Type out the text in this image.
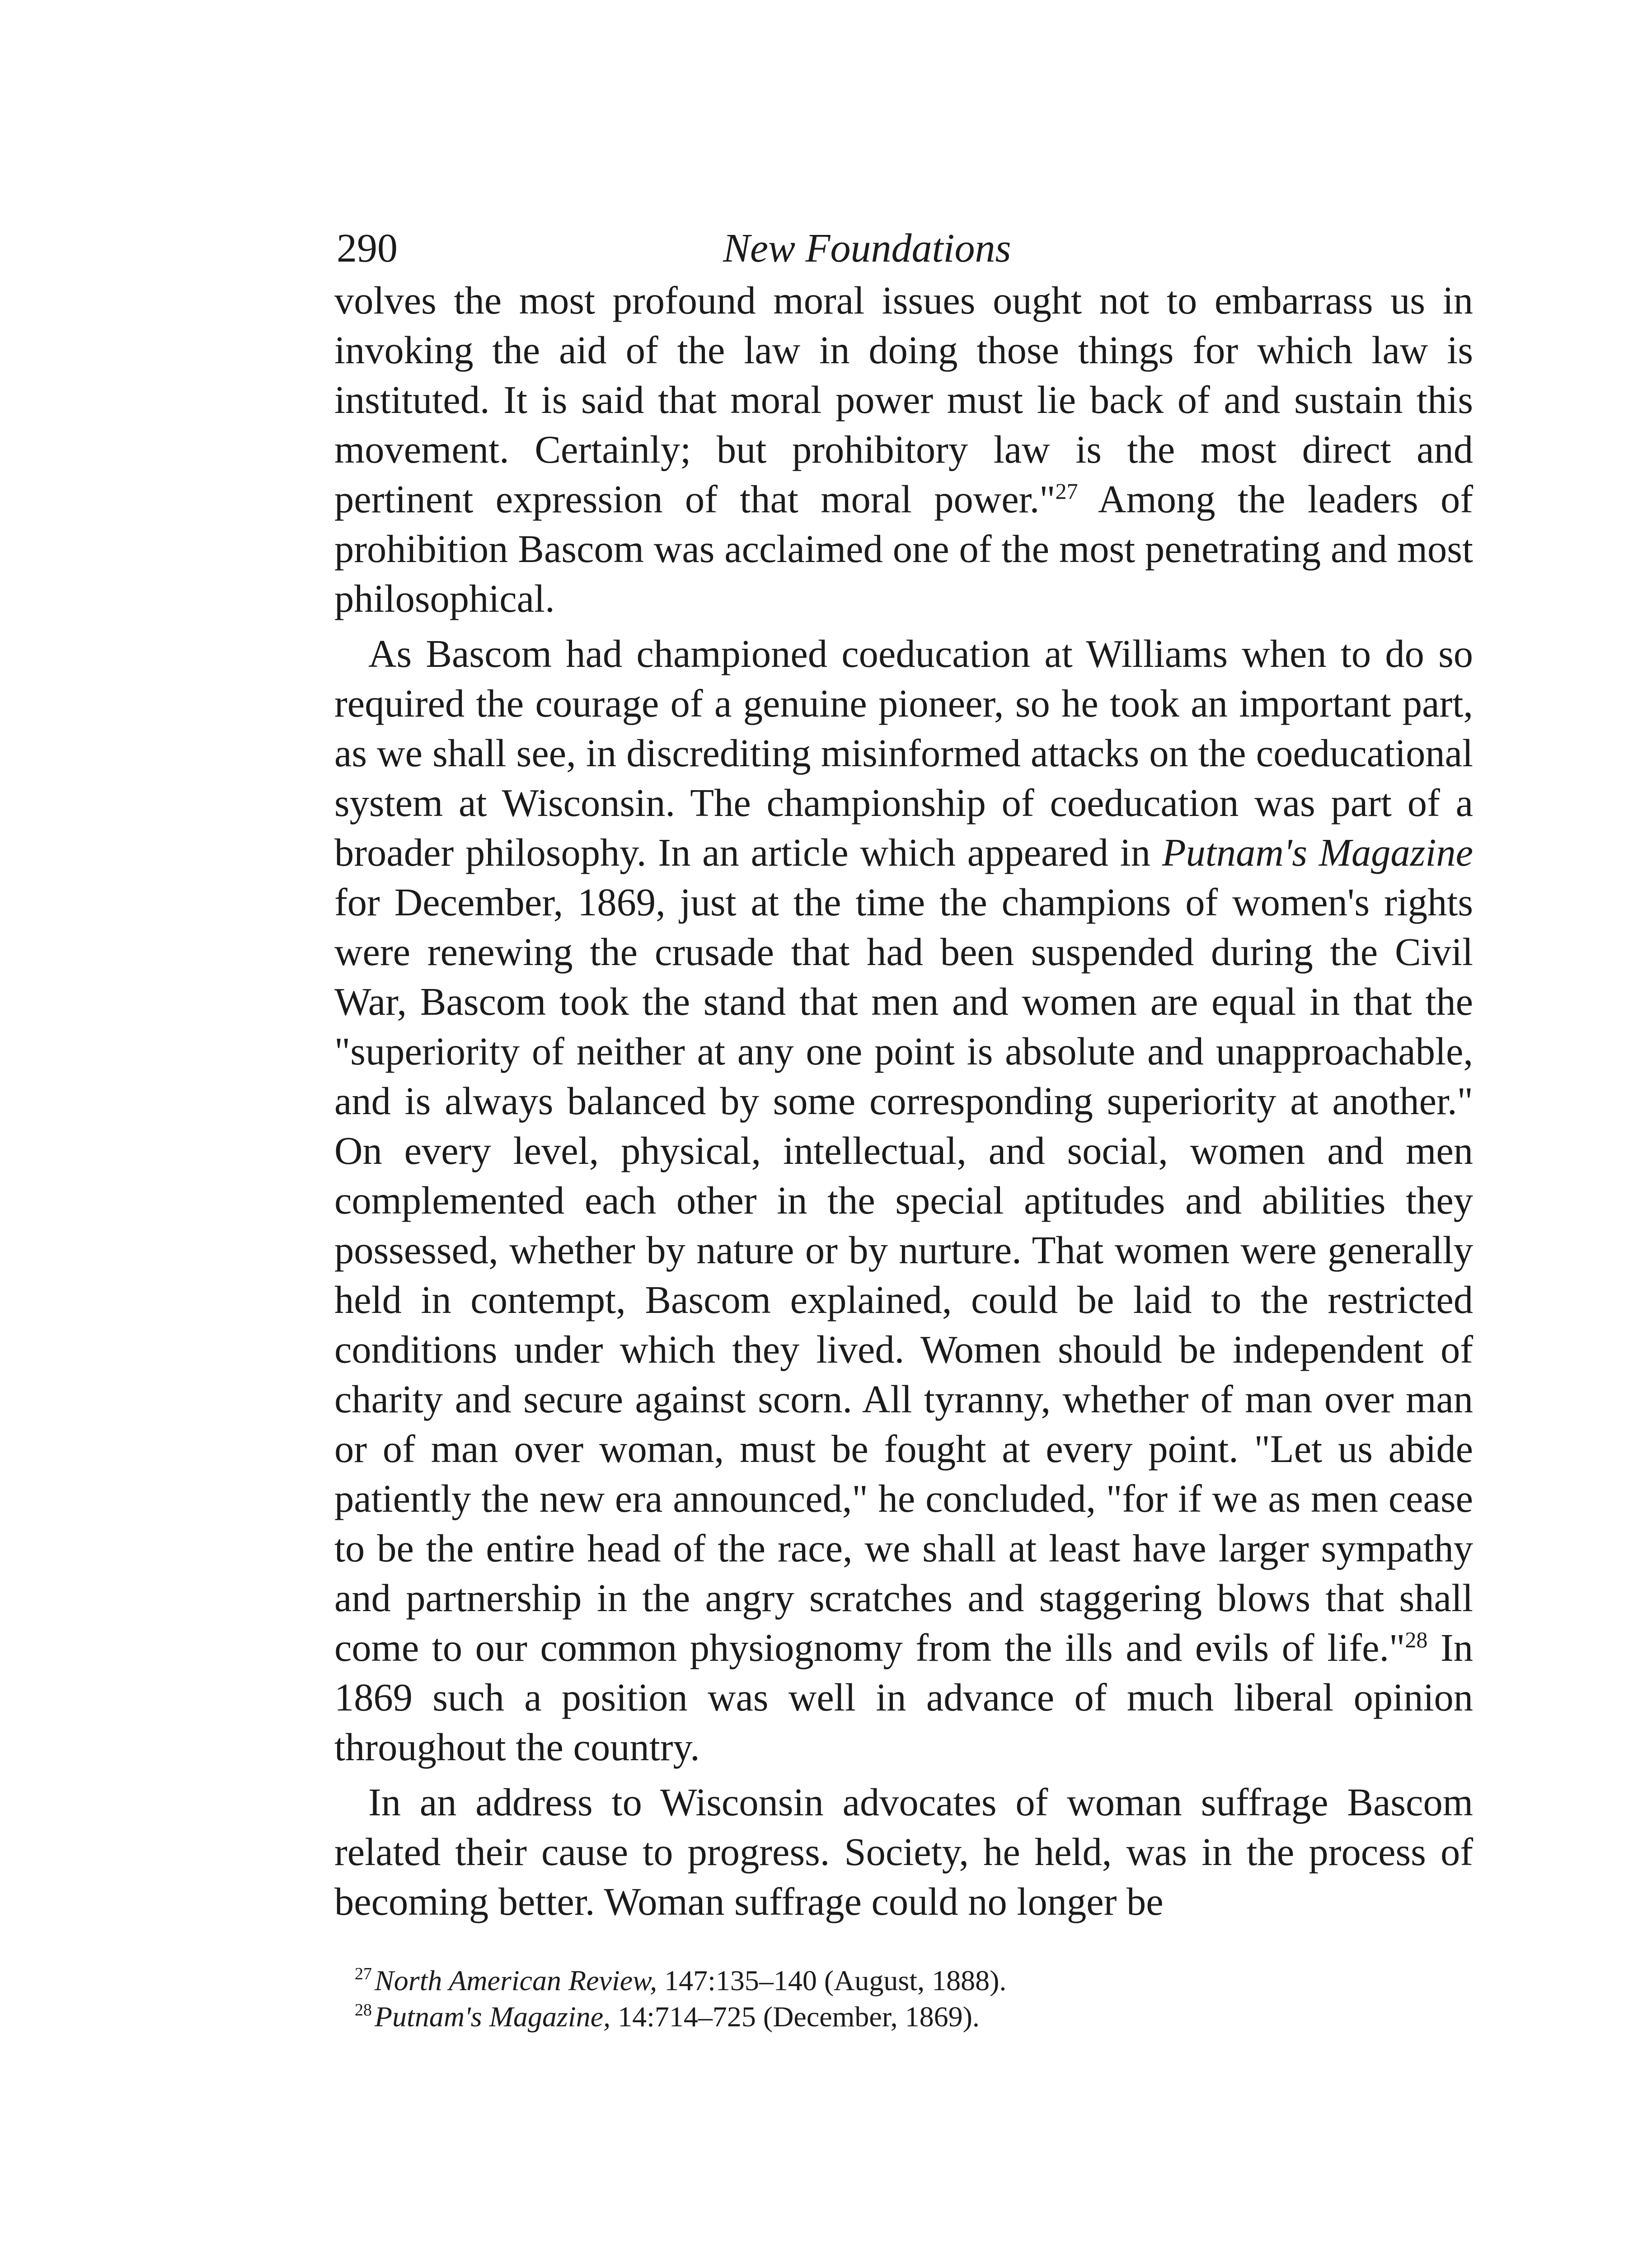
290	New Foundations

volves the most profound moral issues ought not to embarrass us in invoking the aid of the law in doing those things for which law is instituted. It is said that moral power must lie back of and sustain this movement. Certainly; but prohibitory law is the most direct and pertinent expression of that moral power."$^{27}$ Among the leaders of prohibition Bascom was acclaimed one of the most penetrating and most philosophical.

As Bascom had championed coeducation at Williams when to do so required the courage of a genuine pioneer, so he took an important part, as we shall see, in discrediting misinformed attacks on the coeducational system at Wisconsin. The championship of coeducation was part of a broader philosophy. In an article which appeared in Putnam's Magazine for December, 1869, just at the time the champions of women's rights were renewing the crusade that had been suspended during the Civil War, Bascom took the stand that men and women are equal in that the "superiority of neither at any one point is absolute and unapproachable, and is always balanced by some corresponding superiority at another." On every level, physical, intellectual, and social, women and men complemented each other in the special aptitudes and abilities they possessed, whether by nature or by nurture. That women were generally held in contempt, Bascom explained, could be laid to the restricted conditions under which they lived. Women should be independent of charity and secure against scorn. All tyranny, whether of man over man or of man over woman, must be fought at every point. "Let us abide patiently the new era announced," he concluded, "for if we as men cease to be the entire head of the race, we shall at least have larger sympathy and partnership in the angry scratches and staggering blows that shall come to our common physiognomy from the ills and evils of life."$^{28}$ In 1869 such a position was well in advance of much liberal opinion throughout the country.

In an address to Wisconsin advocates of woman suffrage Bascom related their cause to progress. Society, he held, was in the process of becoming better. Woman suffrage could no longer be

$^{27}$North American Review, 147:135–140 (August, 1888).
$^{28}$Putnam's Magazine, 14:714–725 (December, 1869).
